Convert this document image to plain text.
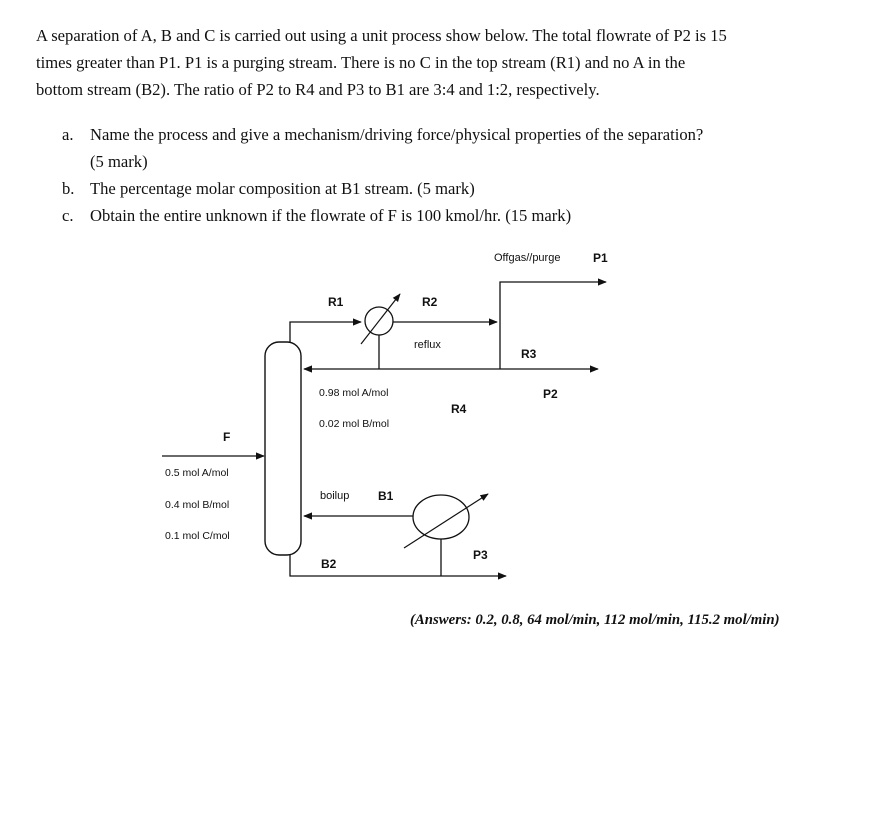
A separation of A, B and C is carried out using a unit process show below. The total flowrate of P2 is 15 times greater than P1. P1 is a purging stream. There is no C in the top stream (R1) and no A in the bottom stream (B2). The ratio of P2 to R4 and P3 to B1 are 3:4 and 1:2, respectively.
a. Name the process and give a mechanism/driving force/physical properties of the separation? (5 mark)
b. The percentage molar composition at B1 stream. (5 mark)
c. Obtain the entire unknown if the flowrate of F is 100 kmol/hr. (15 mark)
Offgas//purge	P1
R1	R2
reflux
R3
P2
R4
F
boilup B1
B2
P3
0.5 mol A/mol
0.4 mol B/mol
0.1 mol C/mol
0.98 mol A/mol
0.02 mol B/mol
(Answers: 0.2, 0.8, 64 mol/min, 112 mol/min, 115.2 mol/min)
